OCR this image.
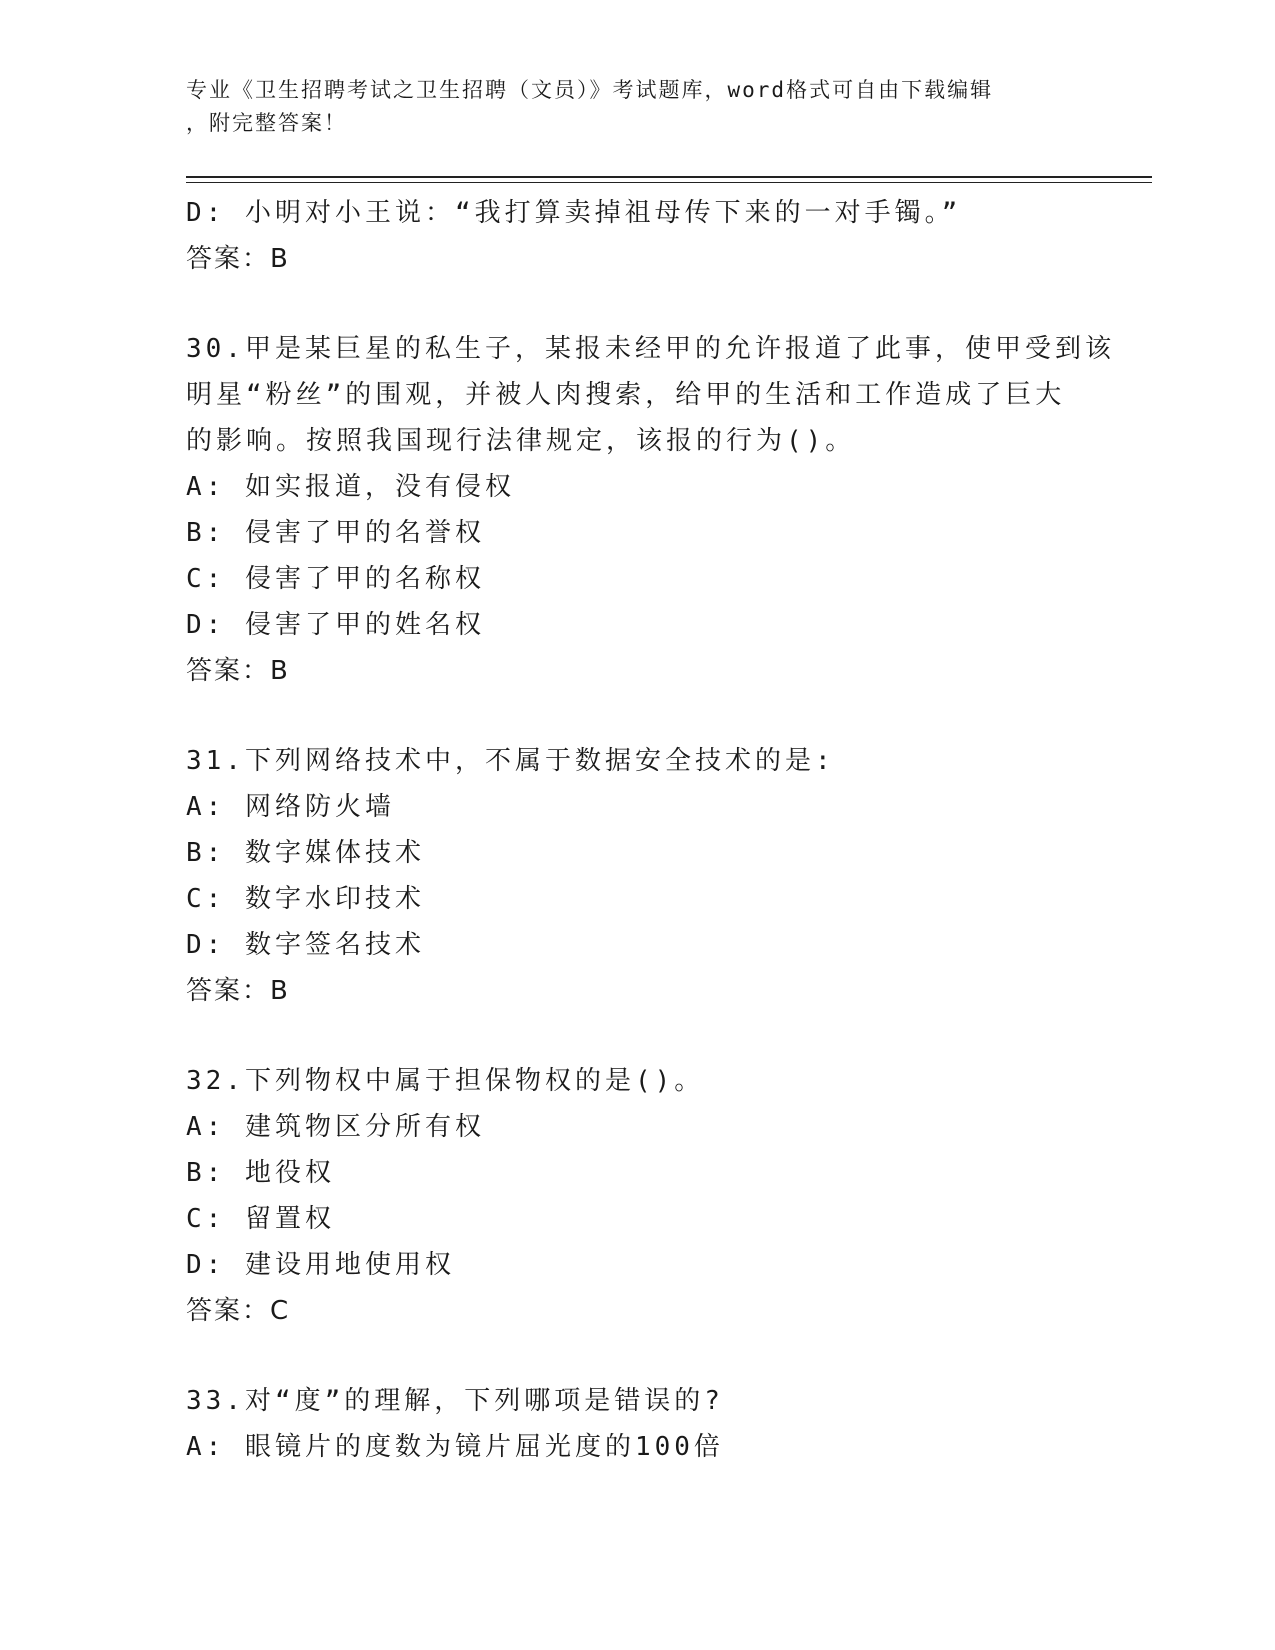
专业《卫生招聘考试之卫生招聘（文员）》考试题库，word格式可自由下载编辑
，附完整答案！
D: 小明对小王说：“我打算卖掉祖母传下来的一对手镯。”
答案：B
30.甲是某巨星的私生子，某报未经甲的允许报道了此事，使甲受到该
明星“粉丝”的围观，并被人肉搜索，给甲的生活和工作造成了巨大
的影响。按照我国现行法律规定，该报的行为()。
A: 如实报道，没有侵权
B: 侵害了甲的名誉权
C: 侵害了甲的名称权
D: 侵害了甲的姓名权
答案：B
31.下列网络技术中，不属于数据安全技术的是:
A: 网络防火墙
B: 数字媒体技术
C: 数字水印技术
D: 数字签名技术
答案：B
32.下列物权中属于担保物权的是()。
A: 建筑物区分所有权
B: 地役权
C: 留置权
D: 建设用地使用权
答案：C
33.对“度”的理解，下列哪项是错误的?
A: 眼镜片的度数为镜片屈光度的100倍
